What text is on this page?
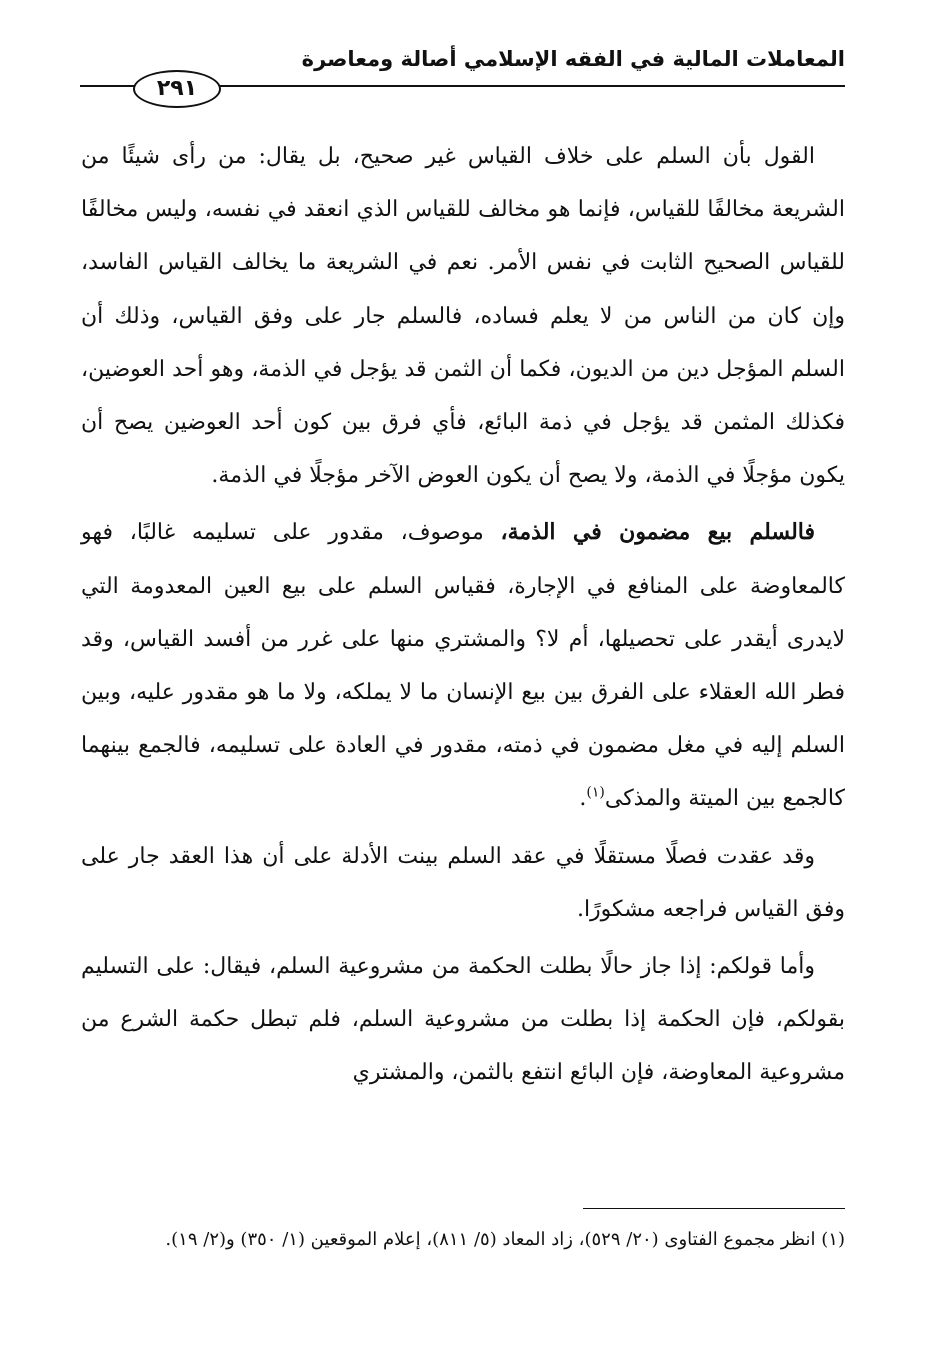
المعاملات المالية في الفقه الإسلامي أصالة ومعاصرة
٢٩١

القول بأن السلم على خلاف القياس غير صحيح، بل يقال: من رأى شيئًا من الشريعة مخالفًا للقياس، فإنما هو مخالف للقياس الذي انعقد في نفسه، وليس مخالفًا للقياس الصحيح الثابت في نفس الأمر. نعم في الشريعة ما يخالف القياس الفاسد، وإن كان من الناس من لا يعلم فساده، فالسلم جار على وفق القياس، وذلك أن السلم المؤجل دين من الديون، فكما أن الثمن قد يؤجل في الذمة، وهو أحد العوضين، فكذلك المثمن قد يؤجل في ذمة البائع، فأي فرق بين كون أحد العوضين يصح أن يكون مؤجلًا في الذمة، ولا يصح أن يكون العوض الآخر مؤجلًا في الذمة.

فالسلم بيع مضمون في الذمة، موصوف، مقدور على تسليمه غالبًا، فهو كالمعاوضة على المنافع في الإجارة، فقياس السلم على بيع العين المعدومة التي لايدرى أيقدر على تحصيلها، أم لا؟ والمشتري منها على غرر من أفسد القياس، وقد فطر الله العقلاء على الفرق بين بيع الإنسان ما لا يملكه، ولا ما هو مقدور عليه، وبين السلم إليه في مغل مضمون في ذمته، مقدور في العادة على تسليمه، فالجمع بينهما كالجمع بين الميتة والمذكى$^{(١)}$.

وقد عقدت فصلًا مستقلًا في عقد السلم بينت الأدلة على أن هذا العقد جار على وفق القياس فراجعه مشكورًا.

وأما قولكم: إذا جاز حالًا بطلت الحكمة من مشروعية السلم، فيقال: على التسليم بقولكم، فإن الحكمة إذا بطلت من مشروعية السلم، فلم تبطل حكمة الشرع من مشروعية المعاوضة، فإن البائع انتفع بالثمن، والمشتري

(١) انظر مجموع الفتاوى (٢٠/ ٥٢٩)، زاد المعاد (٥/ ٨١١)، إعلام الموقعين (١/ ٣٥٠) و(٢/ ١٩).
